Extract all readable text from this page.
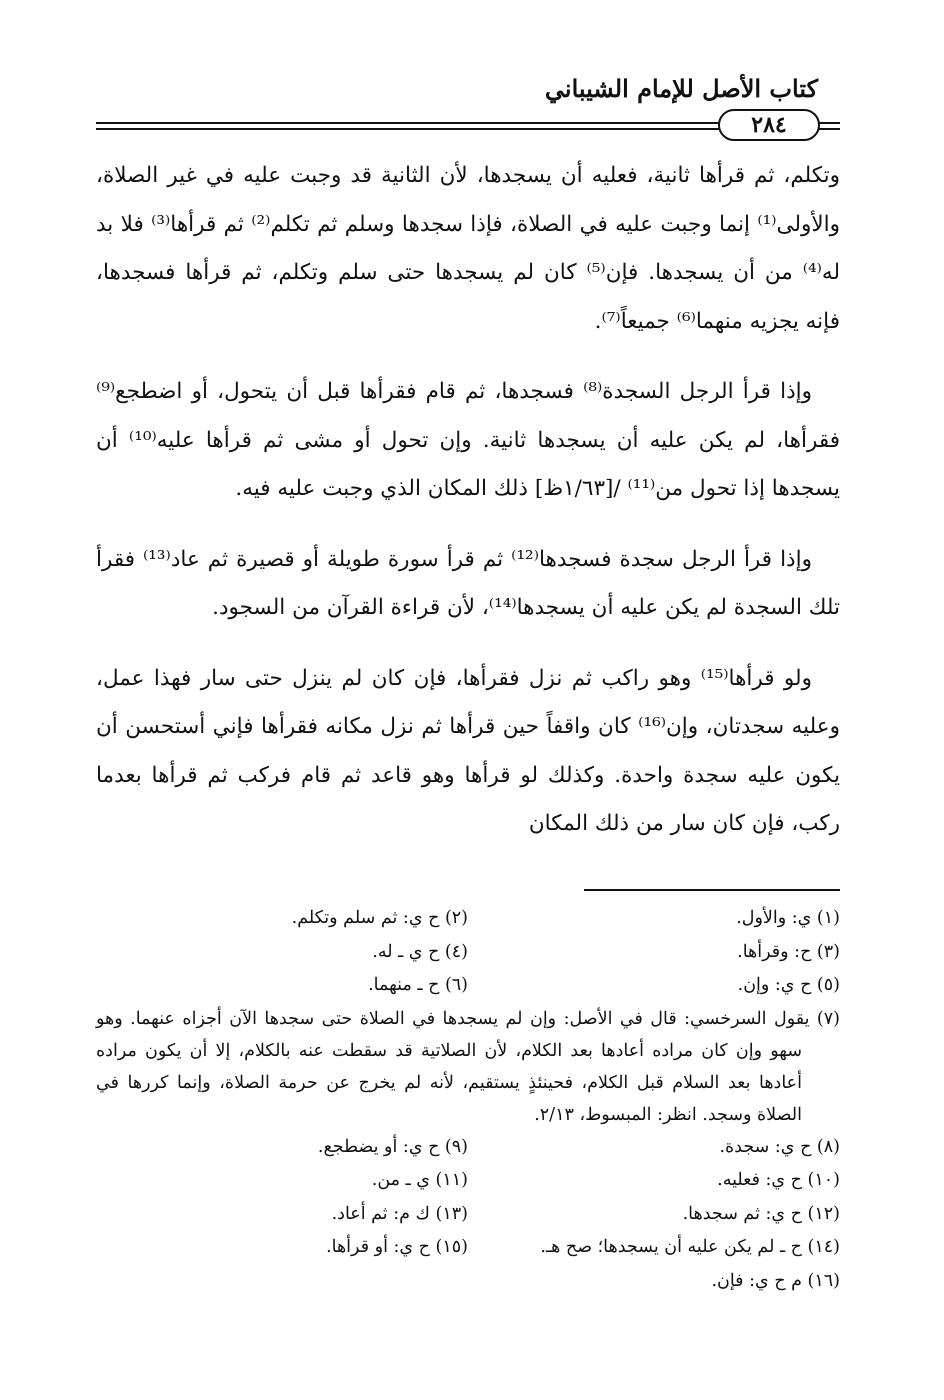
كتاب الأصل للإمام الشيباني
٢٨٤

وتكلم، ثم قرأها ثانية، فعليه أن يسجدها، لأن الثانية قد وجبت عليه في غير الصلاة، والأولى⁽¹⁾ إنما وجبت عليه في الصلاة، فإذا سجدها وسلم ثم تكلم⁽²⁾ ثم قرأها⁽³⁾ فلا بد له⁽⁴⁾ من أن يسجدها. فإن⁽⁵⁾ كان لم يسجدها حتى سلم وتكلم، ثم قرأها فسجدها، فإنه يجزيه منهما⁽⁶⁾ جميعاً⁽⁷⁾.

وإذا قرأ الرجل السجدة⁽⁸⁾ فسجدها، ثم قام فقرأها قبل أن يتحول، أو اضطجع⁽⁹⁾ فقرأها، لم يكن عليه أن يسجدها ثانية. وإن تحول أو مشى ثم قرأها عليه⁽¹⁰⁾ أن يسجدها إذا تحول من⁽¹¹⁾ /[١/٦٣ظ] ذلك المكان الذي وجبت عليه فيه.

وإذا قرأ الرجل سجدة فسجدها⁽¹²⁾ ثم قرأ سورة طويلة أو قصيرة ثم عاد⁽¹³⁾ فقرأ تلك السجدة لم يكن عليه أن يسجدها⁽¹⁴⁾، لأن قراءة القرآن من السجود.

ولو قرأها⁽¹⁵⁾ وهو راكب ثم نزل فقرأها، فإن كان لم ينزل حتى سار فهذا عمل، وعليه سجدتان، وإن⁽¹⁶⁾ كان واقفاً حين قرأها ثم نزل مكانه فقرأها فإني أستحسن أن يكون عليه سجدة واحدة. وكذلك لو قرأها وهو قاعد ثم قام فركب ثم قرأها بعدما ركب، فإن كان سار من ذلك المكان

(١) ي: والأول.
(٢) ح ي: ثم سلم وتكلم.
(٣) ح: وقرأها.
(٤) ح ي ـ له.
(٥) ح ي: وإن.
(٦) ح ـ منهما.
(٧) يقول السرخسي: قال في الأصل: وإن لم يسجدها في الصلاة حتى سجدها الآن أجزاه عنهما. وهو سهو وإن كان مراده أعادها بعد الكلام، لأن الصلاتية قد سقطت عنه بالكلام، إلا أن يكون مراده أعادها بعد السلام قبل الكلام، فحينئذٍ يستقيم، لأنه لم يخرج عن حرمة الصلاة، وإنما كررها في الصلاة وسجد. انظر: المبسوط، ٢/١٣.
(٨) ح ي: سجدة.
(٩) ح ي: أو يضطجع.
(١٠) ح ي: فعليه.
(١١) ي ـ من.
(١٢) ح ي: ثم سجدها.
(١٣) ك م: ثم أعاد.
(١٤) ح ـ لم يكن عليه أن يسجدها؛ صح هـ.
(١٥) ح ي: أو قرأها.
(١٦) م ح ي: فإن.
